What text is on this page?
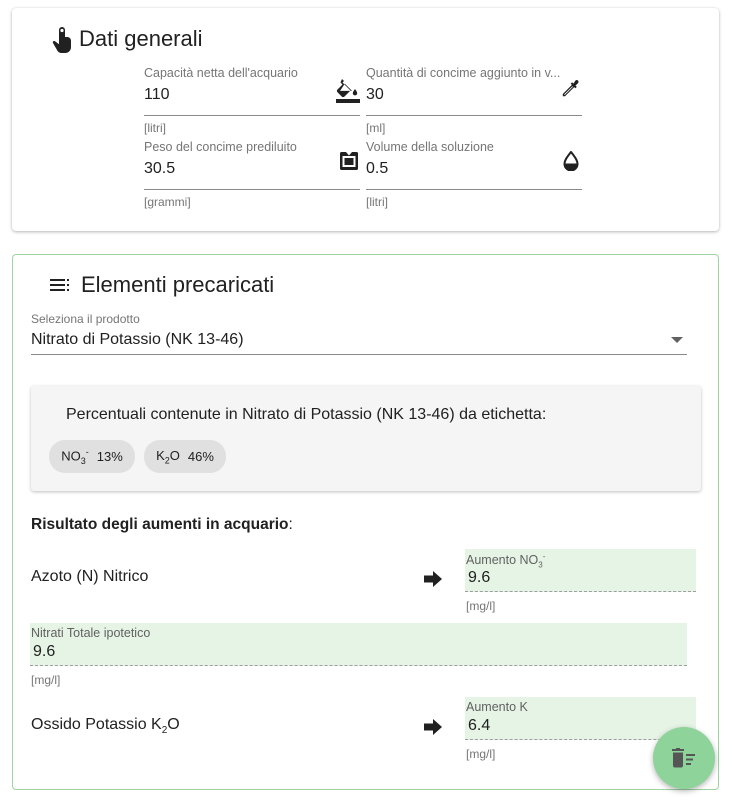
Dati generali
Capacità netta dell'acquario
110
[litri]
Quantità di concime aggiunto in v...
30
[ml]
Peso del concime prediluito
30.5
[grammi]
Volume della soluzione
0.5
[litri]
Elementi precaricati
Seleziona il prodotto
Nitrato di Potassio (NK 13-46)
Percentuali contenute in Nitrato di Potassio (NK 13-46) da etichetta:
$NO_3^-$ 13%	$K_2O$ 46%
Risultato degli aumenti in acquario:
Azoto (N) Nitrico
Aumento $NO_3^-$
9.6
[mg/l]
Nitrati Totale ipotetico
9.6
[mg/l]
Ossido Potassio $K_2O$
Aumento K
6.4
[mg/l]
